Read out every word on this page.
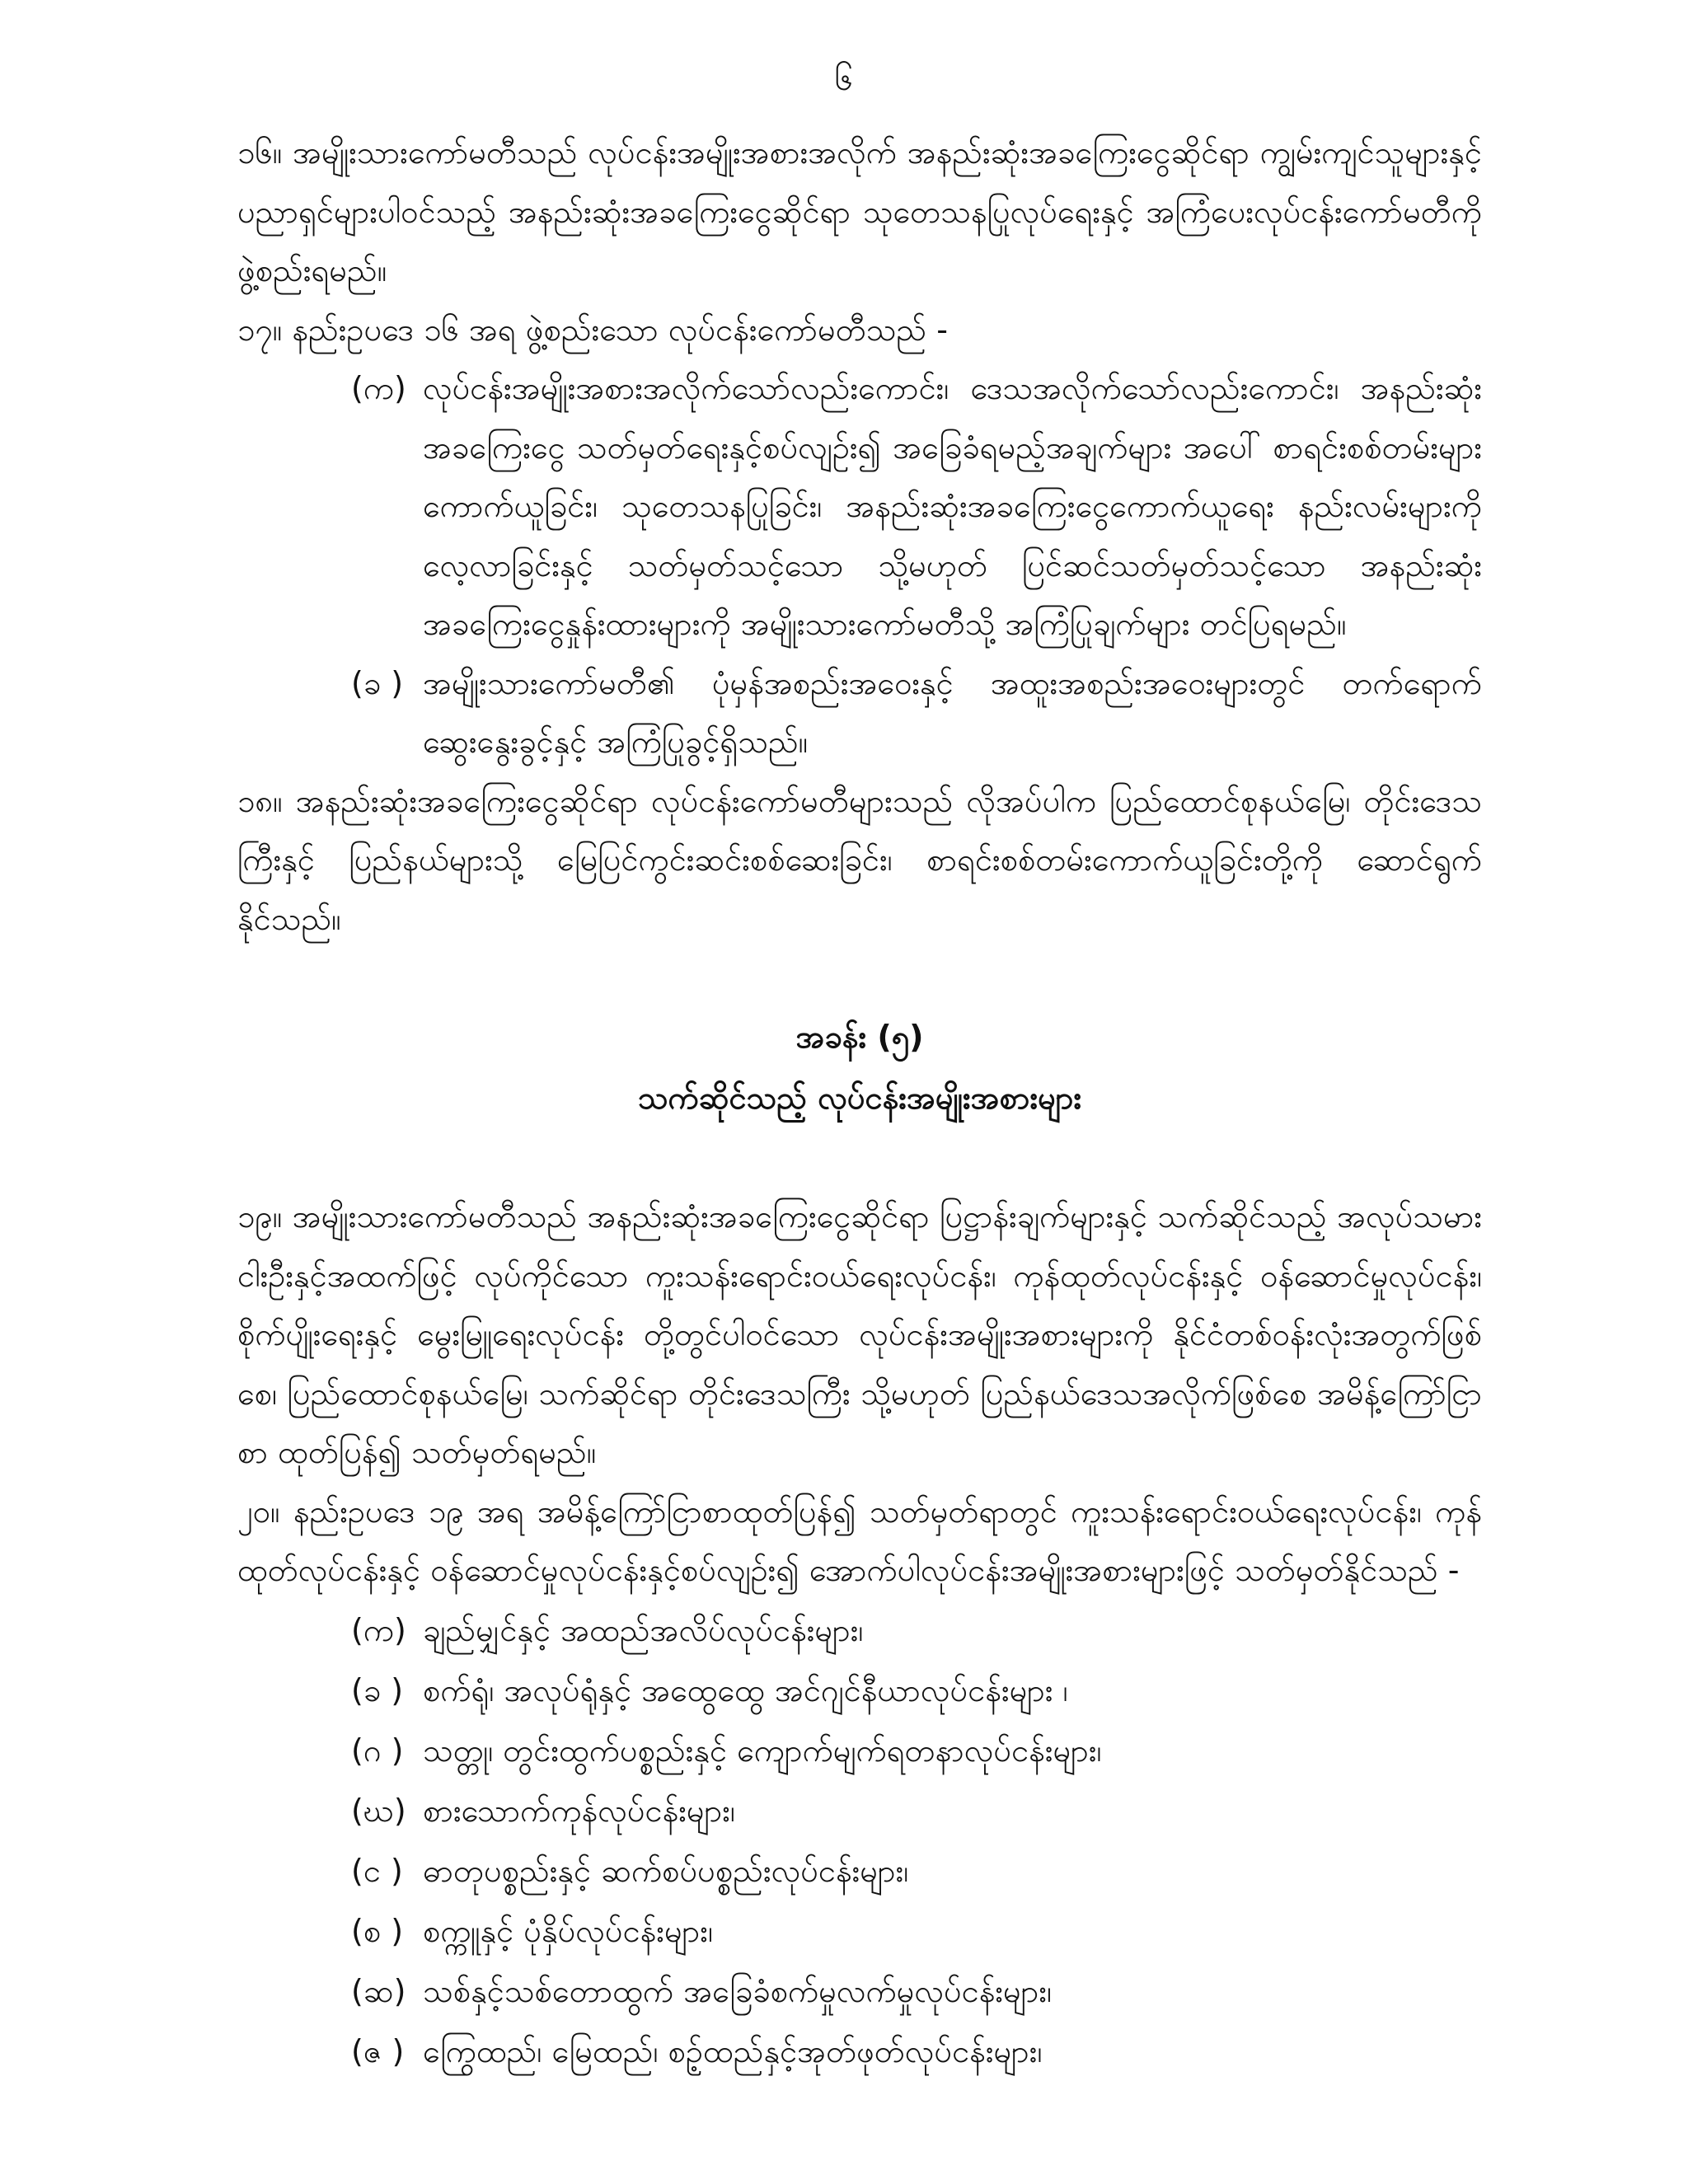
၆

၁၆။ အမျိုးသားကော်မတီသည် လုပ်ငန်းအမျိုးအစားအလိုက် အနည်းဆုံးအခကြေးငွေဆိုင်ရာ ကျွမ်းကျင်သူများနှင့် ပညာရှင်များပါဝင်သည့် အနည်းဆုံးအခကြေးငွေဆိုင်ရာ သုတေသနပြုလုပ်ရေးနှင့် အကြံပေးလုပ်ငန်းကော်မတီကို ဖွဲ့စည်းရမည်။

၁၇။ နည်းဥပဒေ ၁၆ အရ ဖွဲ့စည်းသော လုပ်ငန်းကော်မတီသည် -

(က) လုပ်ငန်းအမျိုးအစားအလိုက်သော်လည်းကောင်း၊ ဒေသအလိုက်သော်လည်းကောင်း၊ အနည်းဆုံးအခကြေးငွေ သတ်မှတ်ရေးနှင့်စပ်လျဉ်း၍ အခြေခံရမည့်အချက်များ အပေါ် စာရင်းစစ်တမ်းများကောက်ယူခြင်း၊ သုတေသနပြုခြင်း၊ အနည်းဆုံးအခကြေးငွေကောက်ယူရေး နည်းလမ်းများကို လေ့လာခြင်းနှင့် သတ်မှတ်သင့်သော သို့မဟုတ် ပြင်ဆင်သတ်မှတ်သင့်သော အနည်းဆုံးအခကြေးငွေနှုန်းထားများကို အမျိုးသားကော်မတီသို့ အကြံပြုချက်များ တင်ပြရမည်။
(ခ ) အမျိုးသားကော်မတီ၏ ပုံမှန်အစည်းအဝေးနှင့် အထူးအစည်းအဝေးများတွင် တက်ရောက် ဆွေးနွေးခွင့်နှင့် အကြံပြုခွင့်ရှိသည်။

၁၈။ အနည်းဆုံးအခကြေးငွေဆိုင်ရာ လုပ်ငန်းကော်မတီများသည် လိုအပ်ပါက ပြည်ထောင်စုနယ်မြေ၊ တိုင်းဒေသကြီးနှင့် ပြည်နယ်များသို့ မြေပြင်ကွင်းဆင်းစစ်ဆေးခြင်း၊ စာရင်းစစ်တမ်းကောက်ယူခြင်းတို့ကို ဆောင်ရွက်နိုင်သည်။

အခန်း (၅)
သက်ဆိုင်သည့် လုပ်ငန်းအမျိုးအစားများ

၁၉။ အမျိုးသားကော်မတီသည် အနည်းဆုံးအခကြေးငွေဆိုင်ရာ ပြဋ္ဌာန်းချက်များနှင့် သက်ဆိုင်သည့် အလုပ်သမားငါးဦးနှင့်အထက်ဖြင့် လုပ်ကိုင်သော ကူးသန်းရောင်းဝယ်ရေးလုပ်ငန်း၊ ကုန်ထုတ်လုပ်ငန်းနှင့် ဝန်ဆောင်မှုလုပ်ငန်း၊ စိုက်ပျိုးရေးနှင့် မွေးမြူရေးလုပ်ငန်း တို့တွင်ပါဝင်သော လုပ်ငန်းအမျိုးအစားများကို နိုင်ငံတစ်ဝန်းလုံးအတွက်ဖြစ်စေ၊ ပြည်ထောင်စုနယ်မြေ၊ သက်ဆိုင်ရာ တိုင်းဒေသကြီး သို့မဟုတ် ပြည်နယ်ဒေသအလိုက်ဖြစ်စေ အမိန့်ကြော်ငြာစာ ထုတ်ပြန်၍ သတ်မှတ်ရမည်။

၂၀။ နည်းဥပဒေ ၁၉ အရ အမိန့်ကြော်ငြာစာထုတ်ပြန်၍ သတ်မှတ်ရာတွင် ကူးသန်းရောင်းဝယ်ရေးလုပ်ငန်း၊ ကုန်ထုတ်လုပ်ငန်းနှင့် ဝန်ဆောင်မှုလုပ်ငန်းနှင့်စပ်လျဉ်း၍ အောက်ပါလုပ်ငန်းအမျိုးအစားများဖြင့် သတ်မှတ်နိုင်သည် -

(က) ချည်မျှင်နှင့် အထည်အလိပ်လုပ်ငန်းများ၊
(ခ ) စက်ရုံ၊ အလုပ်ရုံနှင့် အထွေထွေ အင်ဂျင်နီယာလုပ်ငန်းများ ၊
(ဂ ) သတ္တု၊ တွင်းထွက်ပစ္စည်းနှင့် ကျောက်မျက်ရတနာလုပ်ငန်းများ၊
(ဃ) စားသောက်ကုန်လုပ်ငန်းများ၊
(င ) ဓာတုပစ္စည်းနှင့် ဆက်စပ်ပစ္စည်းလုပ်ငန်းများ၊
(စ ) စက္ကူနှင့် ပုံနှိပ်လုပ်ငန်းများ၊
(ဆ) သစ်နှင့်သစ်တောထွက် အခြေခံစက်မှုလက်မှုလုပ်ငန်းများ၊
(ဇ ) ကြွေထည်၊ မြေထည်၊ စဉ့်ထည်နှင့်အုတ်ဖုတ်လုပ်ငန်းများ၊
